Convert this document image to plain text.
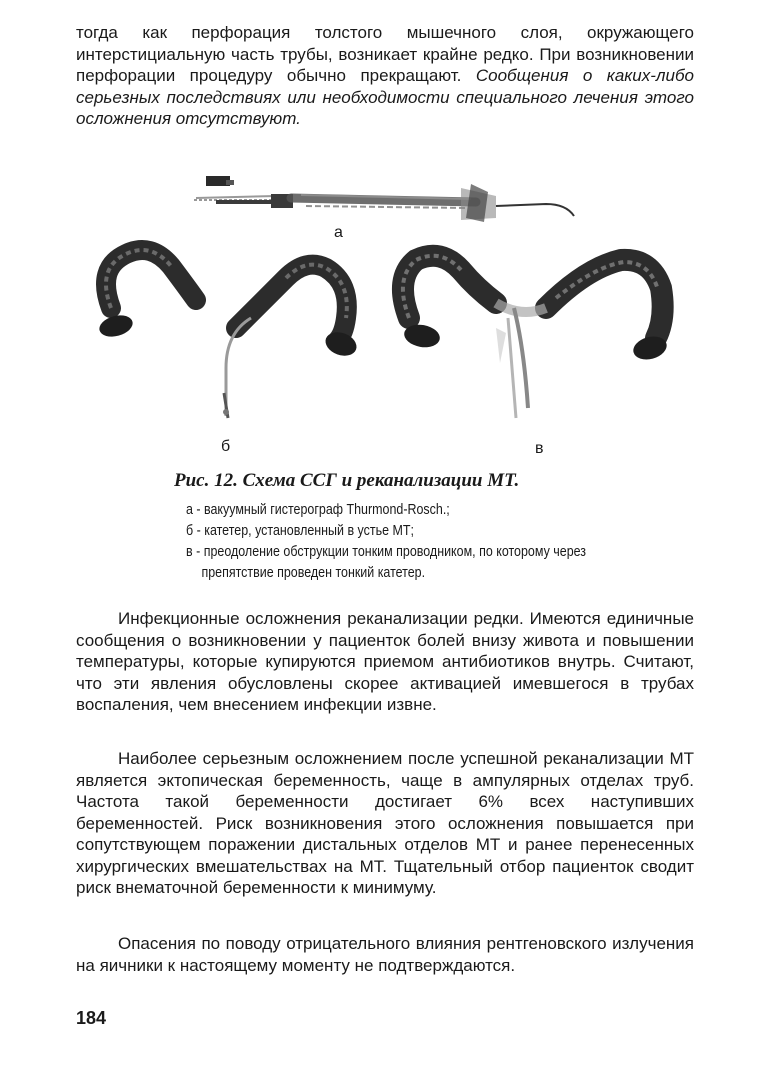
тогда как перфорация толстого мышечного слоя, окружающего интерстициальную часть трубы, возникает крайне редко. При возникновении перфорации процедуру обычно прекращают. Сообщения о каких-либо серьезных последствиях или необходимости специального лечения этого осложнения отсутствуют.

а
б	в

Рис. 12. Схема ССГ и реканализации МТ.

а - вакуумный гистерограф Thurmond-Rosch.;
б - катетер, установленный в устье МТ;
в - преодоление обструкции тонким проводником, по которому через препятствие проведен тонкий катетер.

Инфекционные осложнения реканализации редки. Имеются единичные сообщения о возникновении у пациенток болей внизу живота и повышении температуры, которые купируются приемом антибиотиков внутрь. Считают, что эти явления обусловлены скорее активацией имевшегося в трубах воспаления, чем внесением инфекции извне.

Наиболее серьезным осложнением после успешной реканализации МТ является эктопическая беременность, чаще в ампулярных отделах труб. Частота такой беременности достигает 6% всех наступивших беременностей. Риск возникновения этого осложнения повышается при сопутствующем поражении дистальных отделов МТ и ранее перенесенных хирургических вмешательствах на МТ. Тщательный отбор пациенток сводит риск внематочной беременности к минимуму.

Опасения по поводу отрицательного влияния рентгеновского излучения на яичники к настоящему моменту не подтверждаются.

184
